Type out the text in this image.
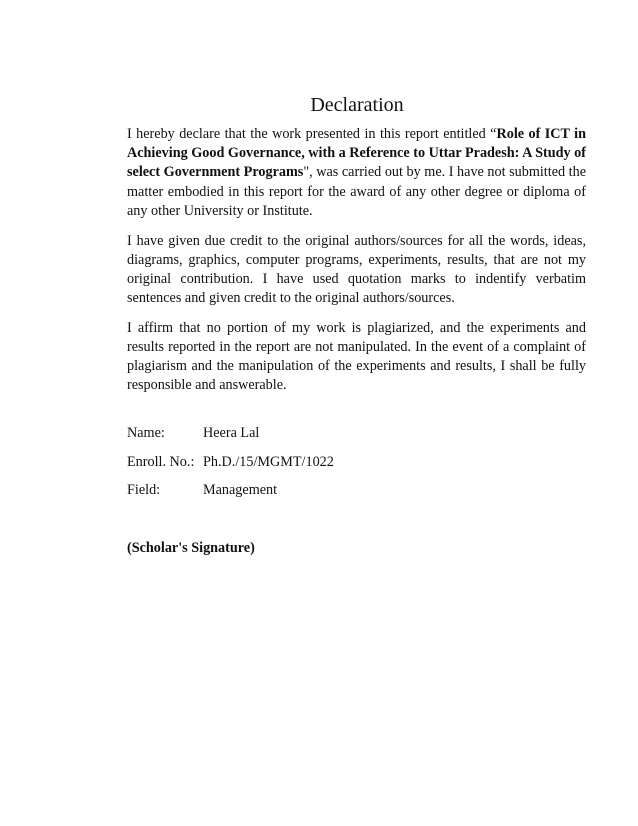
Declaration

I hereby declare that the work presented in this report entitled “Role of ICT in Achieving Good Governance, with a Reference to Uttar Pradesh: A Study of select Government Programs", was carried out by me. I have not submitted the matter embodied in this report for the award of any other degree or diploma of any other University or Institute.

I have given due credit to the original authors/sources for all the words, ideas, diagrams, graphics, computer programs, experiments, results, that are not my original contribution. I have used quotation marks to indentify verbatim sentences and given credit to the original authors/sources.

I affirm that no portion of my work is plagiarized, and the experiments and results reported in the report are not manipulated. In the event of a complaint of plagiarism and the manipulation of the experiments and results, I shall be fully responsible and answerable.

Name:	Heera Lal
Enroll. No.: Ph.D./15/MGMT/1022
Field:	Management
(Scholar's Signature)
